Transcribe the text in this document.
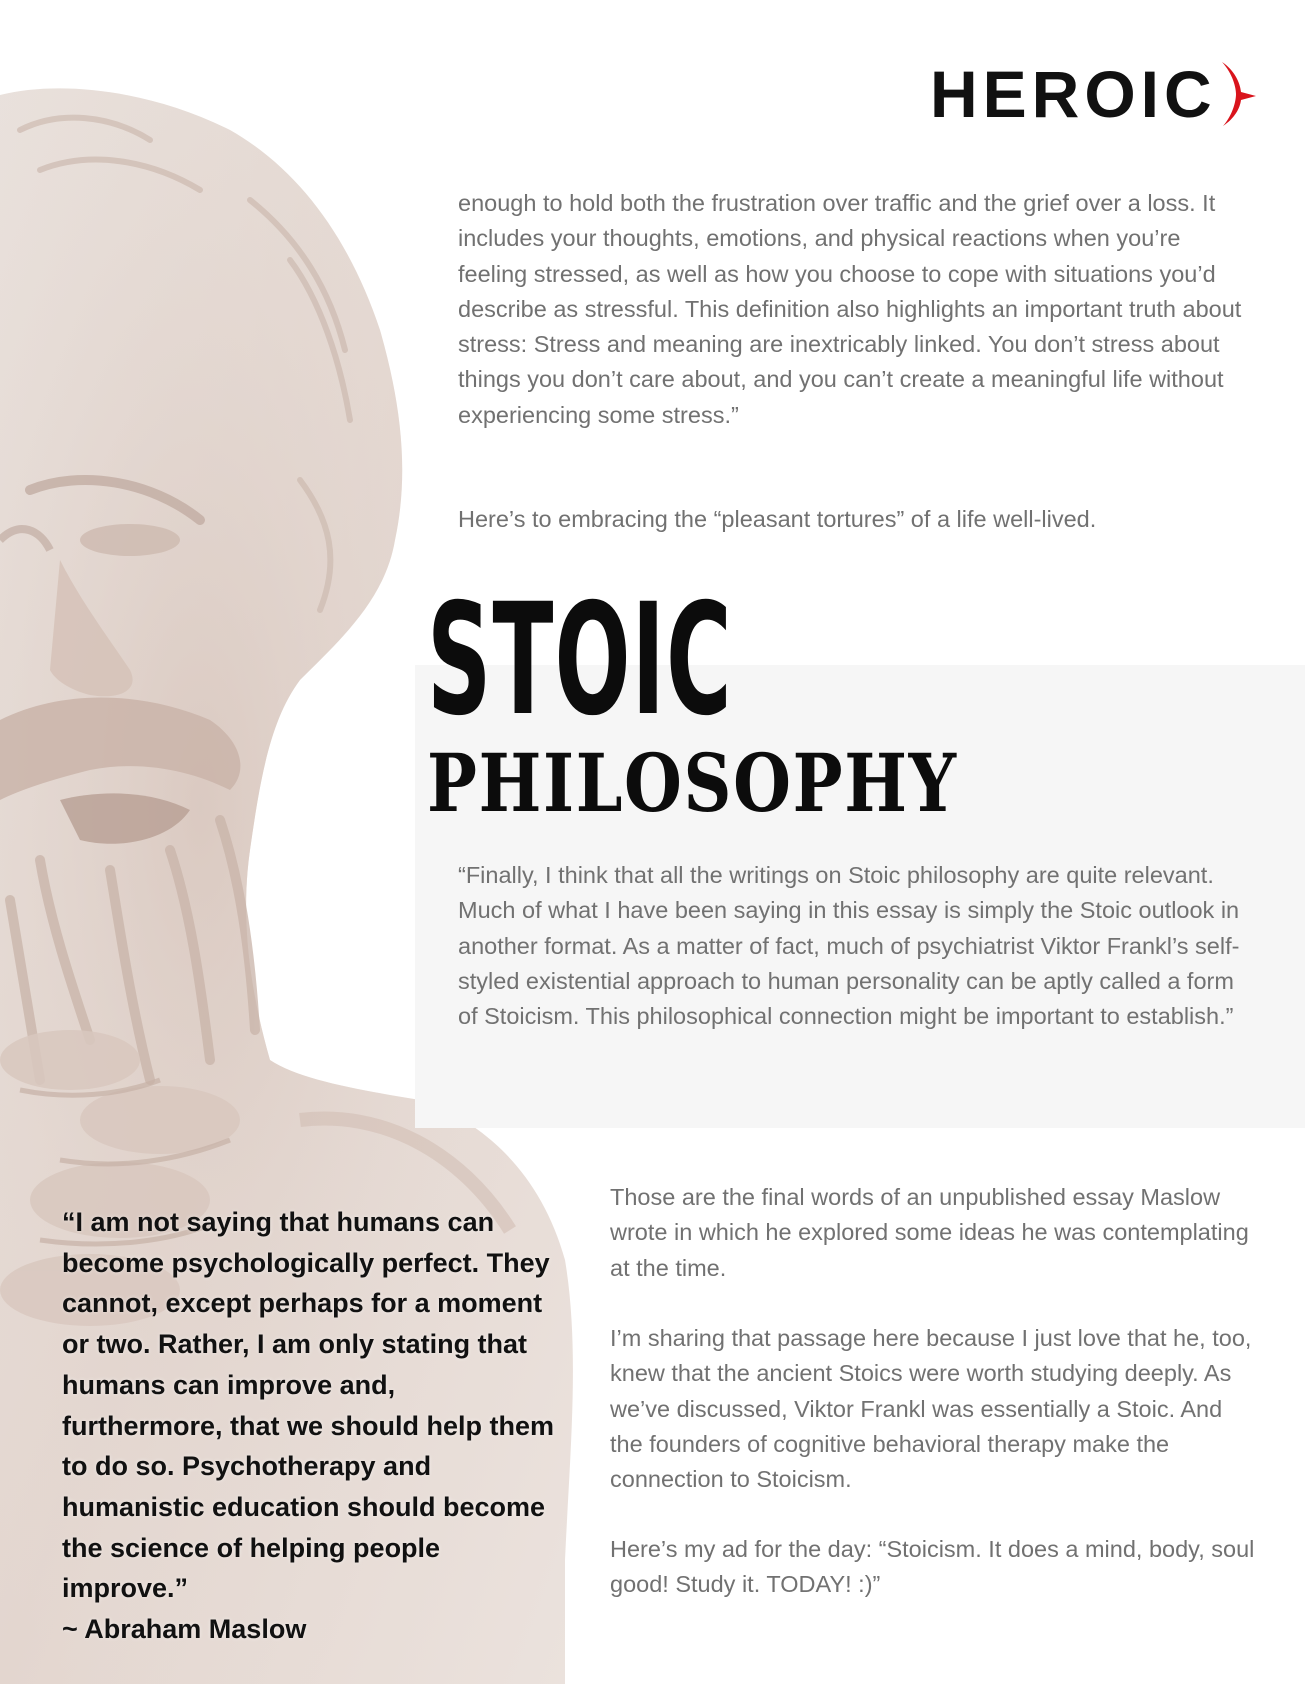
HEROIC

enough to hold both the frustration over traffic and the grief over a loss. It includes your thoughts, emotions, and physical reactions when you’re feeling stressed, as well as how you choose to cope with situations you’d describe as stressful. This definition also highlights an important truth about stress: Stress and meaning are inextricably linked. You don’t stress about things you don’t care about, and you can’t create a meaningful life without experiencing some stress.”

Here’s to embracing the “pleasant tortures” of a life well-lived.

STOIC
PHILOSOPHY

“Finally, I think that all the writings on Stoic philosophy are quite relevant. Much of what I have been saying in this essay is simply the Stoic outlook in another format. As a matter of fact, much of psychiatrist Viktor Frankl’s self-styled existential approach to human personality can be aptly called a form of Stoicism. This philosophical connection might be important to establish.”

“I am not saying that humans can become psychologically perfect. They cannot, except perhaps for a moment or two. Rather, I am only stating that humans can improve and, furthermore, that we should help them to do so. Psychotherapy and humanistic education should become the science of helping people improve.”
~ Abraham Maslow

Those are the final words of an unpublished essay Maslow wrote in which he explored some ideas he was contemplating at the time.

I’m sharing that passage here because I just love that he, too, knew that the ancient Stoics were worth studying deeply. As we’ve discussed, Viktor Frankl was essentially a Stoic. And the founders of cognitive behavioral therapy make the connection to Stoicism.

Here’s my ad for the day: “Stoicism. It does a mind, body, soul good! Study it. TODAY! :)”
